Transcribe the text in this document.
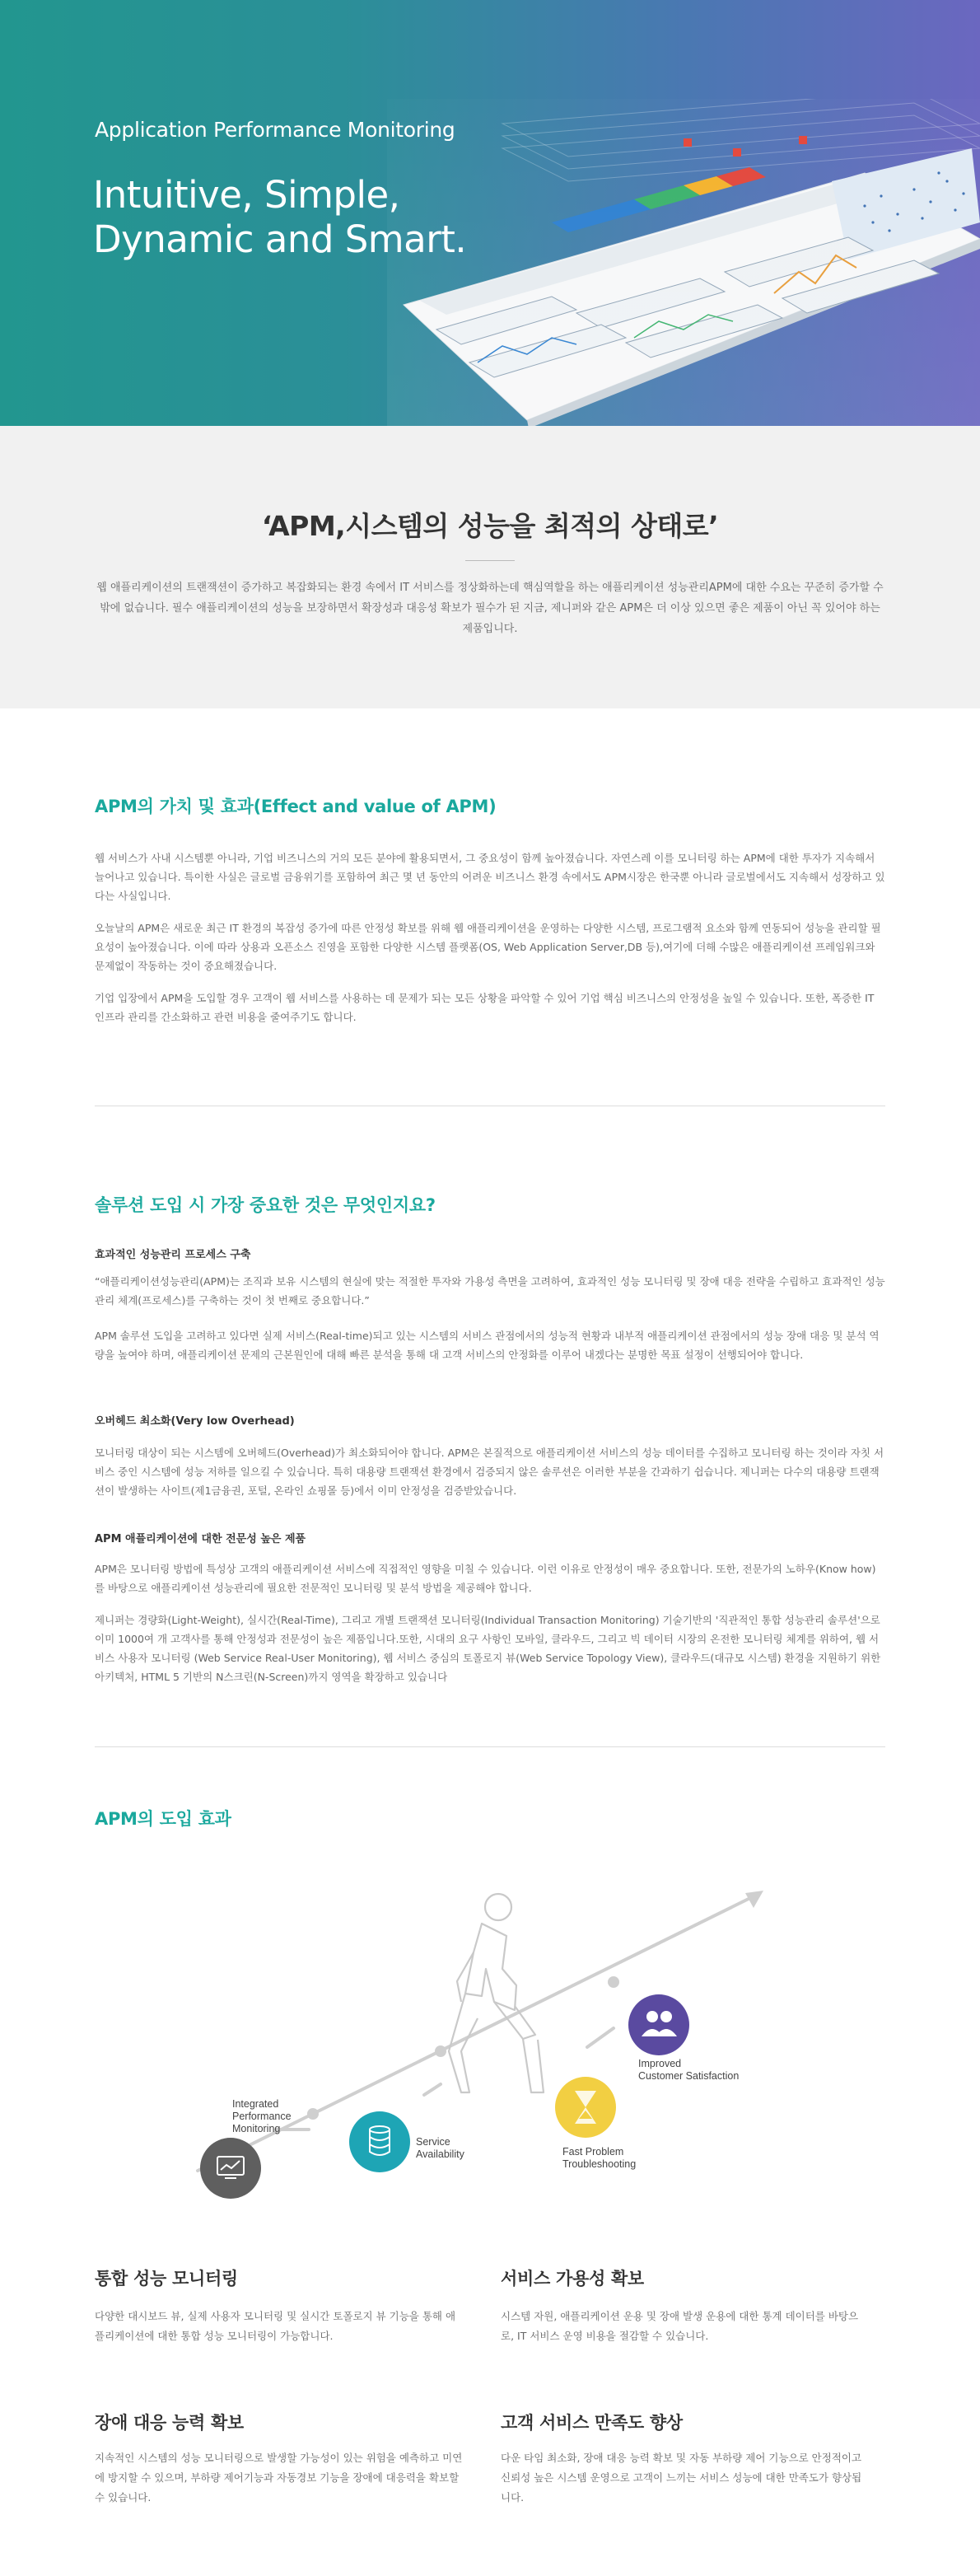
Application Performance Monitoring
Intuitive, Simple,
Dynamic and Smart.
‘APM,시스템의 성능을 최적의 상태로’

웹 애플리케이션의 트랜잭션이 증가하고 복잡화되는 환경 속에서 IT 서비스를 정상화하는데 핵심역할을 하는 애플리케이션 성능관리APM에 대한 수요는 꾸준히 증가할 수밖에 없습니다. 필수 애플리케이션의 성능을 보장하면서 확장성과 대응성 확보가 필수가 된 지금, 제니퍼와 같은 APM은 더 이상 있으면 좋은 제품이 아닌 꼭 있어야 하는 제품입니다.

APM의 가치 및 효과(Effect and value of APM)

웹 서비스가 사내 시스템뿐 아니라, 기업 비즈니스의 거의 모든 분야에 활용되면서, 그 중요성이 함께 높아졌습니다. 자연스레 이를 모니터링 하는 APM에 대한 투자가 지속해서 늘어나고 있습니다. 특이한 사실은 글로벌 금융위기를 포함하여 최근 몇 년 동안의 어려운 비즈니스 환경 속에서도 APM시장은 한국뿐 아니라 글로벌에서도 지속해서 성장하고 있다는 사실입니다.

오늘날의 APM은 새로운 최근 IT 환경의 복잡성 증가에 따른 안정성 확보를 위해 웹 애플리케이션을 운영하는 다양한 시스템, 프로그램적 요소와 함께 연동되어 성능을 관리할 필요성이 높아졌습니다. 이에 따라 상용과 오픈소스 진영을 포함한 다양한 시스템 플랫폼(OS, Web Application Server,DB 등),여기에 더해 수많은 애플리케이션 프레임워크와 문제없이 작동하는 것이 중요해졌습니다.

기업 입장에서 APM을 도입할 경우 고객이 웹 서비스를 사용하는 데 문제가 되는 모든 상황을 파악할 수 있어 기업 핵심 비즈니스의 안정성을 높일 수 있습니다. 또한, 폭증한 IT 인프라 관리를 간소화하고 관련 비용을 줄여주기도 합니다.

솔루션 도입 시 가장 중요한 것은 무엇인지요?
효과적인 성능관리 프로세스 구축

“애플리케이션성능관리(APM)는 조직과 보유 시스템의 현실에 맞는 적절한 투자와 가용성 측면을 고려하여, 효과적인 성능 모니터링 및 장애 대응 전략을 수립하고 효과적인 성능관리 체계(프로세스)를 구축하는 것이 첫 번째로 중요합니다.”

APM 솔루션 도입을 고려하고 있다면 실제 서비스(Real-time)되고 있는 시스템의 서비스 관점에서의 성능적 현황과 내부적 애플리케이션 관점에서의 성능 장애 대응 및 분석 역량을 높여야 하며, 애플리케이션 문제의 근본원인에 대해 빠른 분석을 통해 대 고객 서비스의 안정화를 이루어 내겠다는 분명한 목표 설정이 선행되어야 합니다.

오버헤드 최소화(Very low Overhead)

모니터링 대상이 되는 시스템에 오버헤드(Overhead)가 최소화되어야 합니다. APM은 본질적으로 애플리케이션 서비스의 성능 데이터를 수집하고 모니터링 하는 것이라 자칫 서비스 중인 시스템에 성능 저하를 일으킬 수 있습니다. 특히 대용량 트랜잭션 환경에서 검증되지 않은 솔루션은 이러한 부분을 간과하기 쉽습니다. 제니퍼는 다수의 대용량 트랜잭션이 발생하는 사이트(제1금융권, 포털, 온라인 쇼핑몰 등)에서 이미 안정성을 검증받았습니다.

APM 애플리케이션에 대한 전문성 높은 제품

APM은 모니터링 방법에 특성상 고객의 애플리케이션 서비스에 직접적인 영향을 미칠 수 있습니다. 이런 이유로 안정성이 매우 중요합니다. 또한, 전문가의 노하우(Know how)를 바탕으로 애플리케이션 성능관리에 필요한 전문적인 모니터링 및 분석 방법을 제공해야 합니다.

제니퍼는 경량화(Light-Weight), 실시간(Real-Time), 그리고 개별 트랜잭션 모니터링(Individual Transaction Monitoring) 기술기반의 '직관적인 통합 성능관리 솔루션'으로 이미 1000여 개 고객사를 통해 안정성과 전문성이 높은 제품입니다.또한, 시대의 요구 사항인 모바일, 클라우드, 그리고 빅 데이터 시장의 온전한 모니터링 체계를 위하여, 웹 서비스 사용자 모니터링 (Web Service Real-User Monitoring), 웹 서비스 중심의 토폴로지 뷰(Web Service Topology View), 클라우드(대규모 시스템) 환경을 지원하기 위한 아키텍처, HTML 5 기반의 N스크린(N-Screen)까지 영역을 확장하고 있습니다

APM의 도입 효과
Integrated Performance Monitoring
Service Availability	Fast Problem Troubleshooting
Improved Customer Satisfaction
통합 성능 모니터링

다양한 대시보드 뷰, 실제 사용자 모니터링 및 실시간 토폴로지 뷰 기능을 통해 애플리케이션에 대한 통합 성능 모니터링이 가능합니다.

서비스 가용성 확보

시스템 자원, 애플리케이션 운용 및 장애 발생 운용에 대한 통계 데이터를 바탕으로, IT 서비스 운영 비용을 절감할 수 있습니다.

장애 대응 능력 확보

지속적인 시스템의 성능 모니터링으로 발생할 가능성이 있는 위험을 예측하고 미연에 방지할 수 있으며, 부하량 제어기능과 자동경보 기능을 장애에 대응력을 확보할 수 있습니다.

고객 서비스 만족도 향상

다운 타임 최소화, 장애 대응 능력 확보 및 자동 부하량 제어 기능으로 안정적이고 신뢰성 높은 시스템 운영으로 고객이 느끼는 서비스 성능에 대한 만족도가 향상됩니다.
